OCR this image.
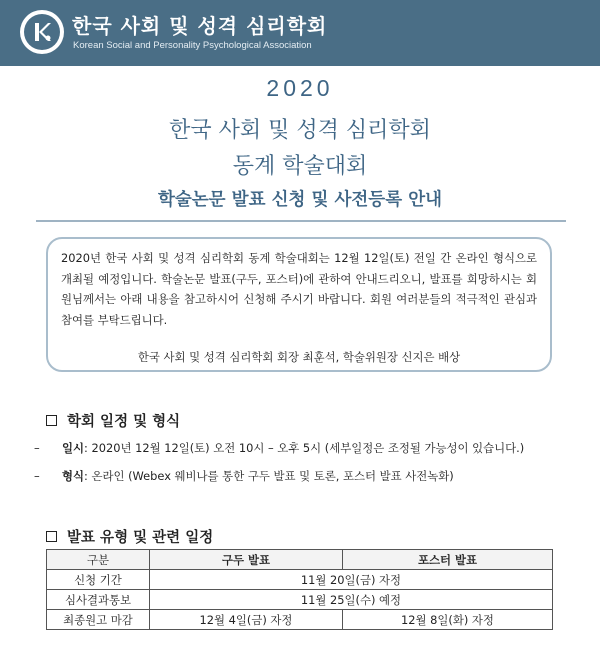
한국 사회 및 성격 심리학회
Korean Social and Personality Psychological Association
2020
한국 사회 및 성격 심리학회
동계 학술대회
학술논문 발표 신청 및 사전등록 안내
2020년 한국 사회 및 성격 심리학회 동계 학술대회는 12월 12일(토) 전일 간 온라인 형식으로 개최될 예정입니다. 학술논문 발표(구두, 포스터)에 관하여 안내드리오니, 발표를 희망하시는 회원님께서는 아래 내용을 참고하시어 신청해 주시기 바랍니다. 회원 여러분들의 적극적인 관심과 참여를 부탁드립니다.
한국 사회 및 성격 심리학회 회장 최훈석, 학술위원장 신지은 배상
학회 일정 및 형식
– 일시: 2020년 12월 12일(토) 오전 10시 – 오후 5시 (세부일정은 조정될 가능성이 있습니다.)
– 형식: 온라인 (Webex 웨비나를 통한 구두 발표 및 토론, 포스터 발표 사전녹화)
발표 유형 및 관련 일정
구분	구두 발표	포스터 발표
신청 기간	11월 20일(금) 자정	
심사결과통보	11월 25일(수) 예정	
최종원고 마감	12월 4일(금) 자정	12월 8일(화) 자정
